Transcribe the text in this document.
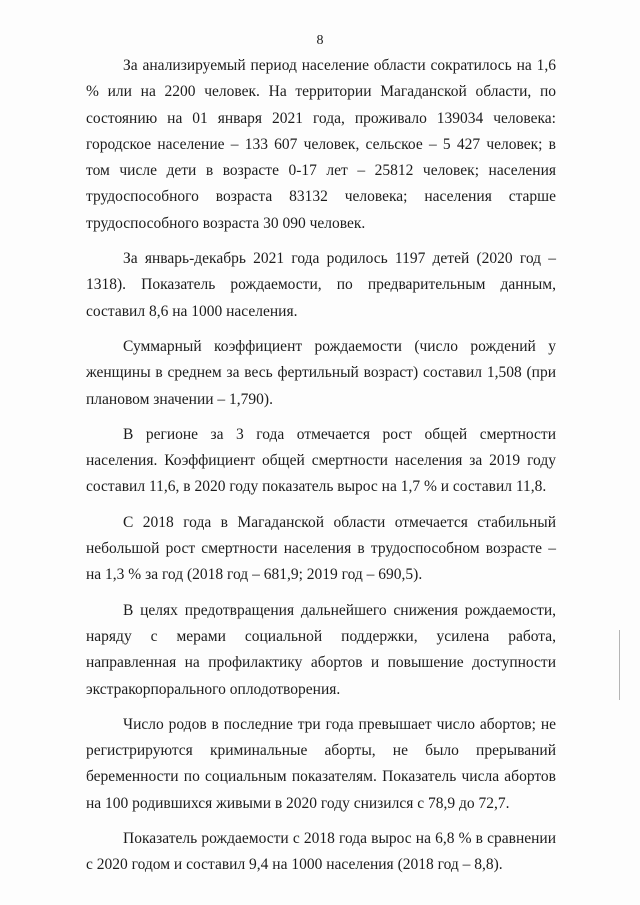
8

За анализируемый период население области сократилось на 1,6 % или на 2200 человек. На территории Магаданской области, по состоянию на 01 января 2021 года, проживало 139034 человека: городское население – 133 607 человек, сельское – 5 427 человек; в том числе дети в возрасте 0-17 лет – 25812 человек; населения трудоспособного возраста 83132 человека; населения старше трудоспособного возраста 30 090 человек.

За январь-декабрь 2021 года родилось 1197 детей (2020 год – 1318). Показатель рождаемости, по предварительным данным, составил 8,6 на 1000 населения.

Суммарный коэффициент рождаемости (число рождений у женщины в среднем за весь фертильный возраст) составил 1,508 (при плановом значении – 1,790).

В регионе за 3 года отмечается рост общей смертности населения. Коэффициент общей смертности населения за 2019 году составил 11,6, в 2020 году показатель вырос на 1,7 % и составил 11,8.

С 2018 года в Магаданской области отмечается стабильный небольшой рост смертности населения в трудоспособном возрасте – на 1,3 % за год (2018 год – 681,9; 2019 год – 690,5).

В целях предотвращения дальнейшего снижения рождаемости, наряду с мерами социальной поддержки, усилена работа, направленная на профилактику абортов и повышение доступности экстракорпорального оплодотворения.

Число родов в последние три года превышает число абортов; не регистрируются криминальные аборты, не было прерываний беременности по социальным показателям. Показатель числа абортов на 100 родившихся живыми в 2020 году снизился с 78,9 до 72,7.

Показатель рождаемости с 2018 года вырос на 6,8 % в сравнении с 2020 годом и составил 9,4 на 1000 населения (2018 год – 8,8).
